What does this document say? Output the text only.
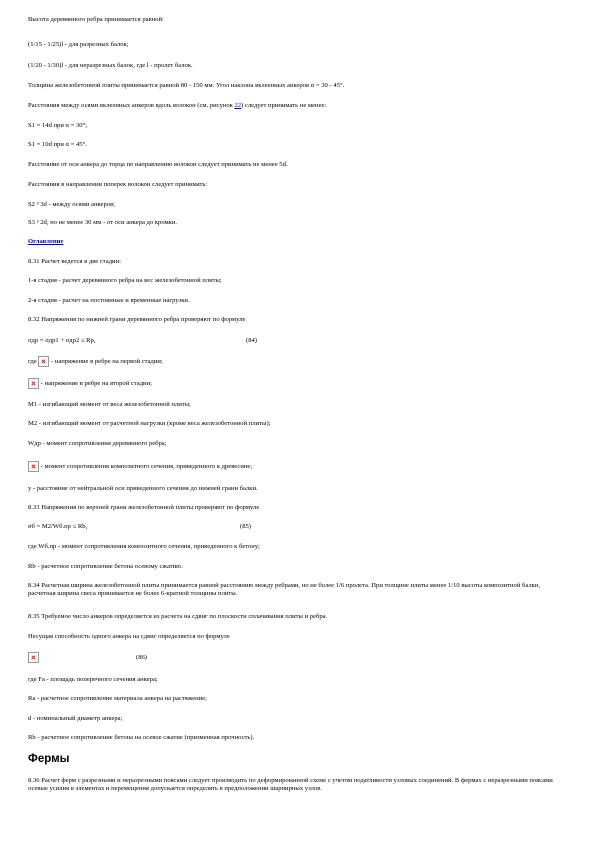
Высота деревянного ребра принимается равной:
(1/15 - 1/25)l - для разрезных балок;
(1/20 - 1/30)l - для неразрезных балок, где l - пролет балок.
Толщина железобетонной плиты принимается равной 80 - 150 мм. Угол наклона вклеенных анкеров α = 30 - 45°.
Расстояния между осями вклеенных анкеров вдоль волокон (см. рисунок 22) следует принимать не менее:
S1 = 14d при α = 30°;
S1 = 10d при α = 45°.
Расстояние от оси анкера до торца по направлению волокон следует принимать не менее 5d.
Расстояния в направлении поперек волокон следует принимать:
S2 ³ 3d - между осями анкеров;
S3 ³ 2d, но не менее 30 мм - от оси анкера до кромки.
Оглавление
8.31 Расчет ведется в две стадии:
1-я стадия - расчет деревянного ребра на вес железобетонной плиты;
2-я стадия - расчет на постоянные и временные нагрузки.
8.32 Напряжения по нижней грани деревянного ребра проверяют по формуле
σдр = σдр1 + σдр2 ≤ Rр,	(84)
где - напряжение в ребре на первой стадии;
- напряжение в ребре на второй стадии;
M1 - изгибающий момент от веса железобетонной плиты;
M2 - изгибающий момент от расчетной нагрузки (кроме веса железобетонной плиты);
Wдр - момент сопротивления деревянного ребра;
- момент сопротивления композитного сечения, приведенного к древесине;
у - расстояние от нейтральной оси приведенного сечения до нижней грани балки.
8.33 Напряжения по верхней грани железобетонной плиты проверяют по формуле
σб = M2/Wб.пр ≤ Rb,	(85)
где Wб.пр - момент сопротивления композитного сечения, приведенного к бетону;
Rb - расчетное сопротивление бетона осевому сжатию.
8.34 Расчетная ширина железобетонной плиты принимается равной расстоянию между ребрами, но не более 1/6 пролета. При толщине плиты менее 1/10 высоты композитной балки, расчетная ширина свеса принимается не более 6-кратной толщины плиты.
8.35 Требуемое число анкеров определяется из расчета на сдвиг по плоскости сплачивания плиты и ребра.
Несущая способность одного анкера на сдвиг определяется по формуле
(86)
где Fa - площадь поперечного сечения анкера;
Ra - расчетное сопротивление материала анкера на растяжение;
d - номинальный диаметр анкера;
Rb - расчетное сопротивление бетона на осевое сжатие (призменная прочность).
Фермы
8.36 Расчет ферм с разрезными и неразрезными поясами следует производить по деформированной схеме с учетом податливости узловых соединений. В фермах с неразрезными поясами осевые усилия в элементах и перемещения допускается определять в предположении шарнирных узлов.
